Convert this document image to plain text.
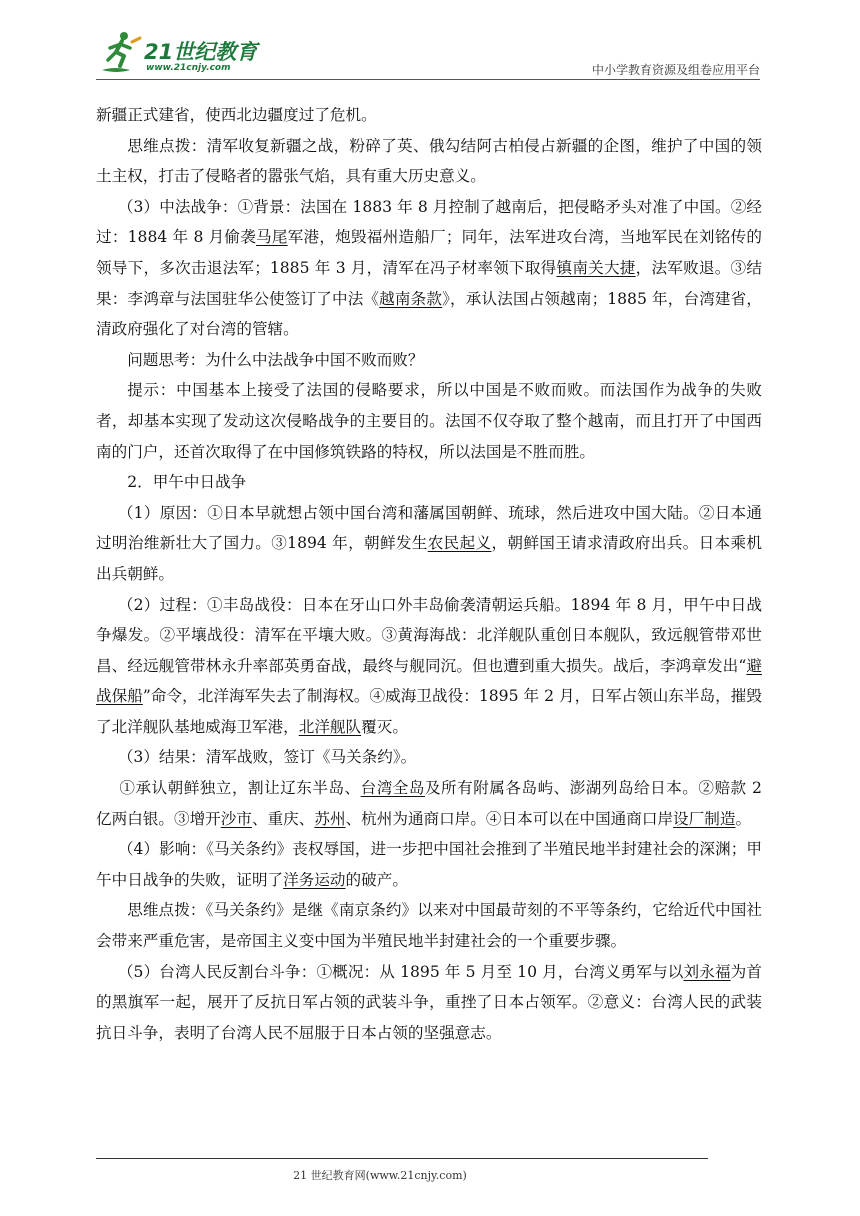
21世纪教育
www.21cnjy.com	中小学教育资源及组卷应用平台

新疆正式建省，使西北边疆度过了危机。

思维点拨：清军收复新疆之战，粉碎了英、俄勾结阿古柏侵占新疆的企图，维护了中国的领土主权，打击了侵略者的嚣张气焰，具有重大历史意义。

（3）中法战争：①背景：法国在 1883 年 8 月控制了越南后，把侵略矛头对准了中国。②经过：1884 年 8 月偷袭马尾军港，炮毁福州造船厂；同年，法军进攻台湾，当地军民在刘铭传的领导下，多次击退法军；1885 年 3 月，清军在冯子材率领下取得镇南关大捷，法军败退。③结果：李鸿章与法国驻华公使签订了中法《越南条款》，承认法国占领越南；1885 年，台湾建省，清政府强化了对台湾的管辖。

问题思考：为什么中法战争中国不败而败？

提示：中国基本上接受了法国的侵略要求，所以中国是不败而败。而法国作为战争的失败者，却基本实现了发动这次侵略战争的主要目的。法国不仅夺取了整个越南，而且打开了中国西南的门户，还首次取得了在中国修筑铁路的特权，所以法国是不胜而胜。

2．甲午中日战争

（1）原因：①日本早就想占领中国台湾和藩属国朝鲜、琉球，然后进攻中国大陆。②日本通过明治维新壮大了国力。③1894 年，朝鲜发生农民起义，朝鲜国王请求清政府出兵。日本乘机出兵朝鲜。

（2）过程：①丰岛战役：日本在牙山口外丰岛偷袭清朝运兵船。1894 年 8 月，甲午中日战争爆发。②平壤战役：清军在平壤大败。③黄海海战：北洋舰队重创日本舰队，致远舰管带邓世昌、经远舰管带林永升率部英勇奋战，最终与舰同沉。但也遭到重大损失。战后，李鸿章发出“避战保船”命令，北洋海军失去了制海权。④威海卫战役：1895 年 2 月，日军占领山东半岛，摧毁了北洋舰队基地威海卫军港，北洋舰队覆灭。

（3）结果：清军战败，签订《马关条约》。

①承认朝鲜独立，割让辽东半岛、台湾全岛及所有附属各岛屿、澎湖列岛给日本。②赔款 2 亿两白银。③增开沙市、重庆、苏州、杭州为通商口岸。④日本可以在中国通商口岸设厂制造。

（4）影响：《马关条约》丧权辱国，进一步把中国社会推到了半殖民地半封建社会的深渊；甲午中日战争的失败，证明了洋务运动的破产。

思维点拨：《马关条约》是继《南京条约》以来对中国最苛刻的不平等条约，它给近代中国社会带来严重危害，是帝国主义变中国为半殖民地半封建社会的一个重要步骤。

（5）台湾人民反割台斗争：①概况：从 1895 年 5 月至 10 月，台湾义勇军与以刘永福为首的黑旗军一起，展开了反抗日军占领的武装斗争，重挫了日本占领军。②意义：台湾人民的武装抗日斗争，表明了台湾人民不屈服于日本占领的坚强意志。

21 世纪教育网(www.21cnjy.com)
